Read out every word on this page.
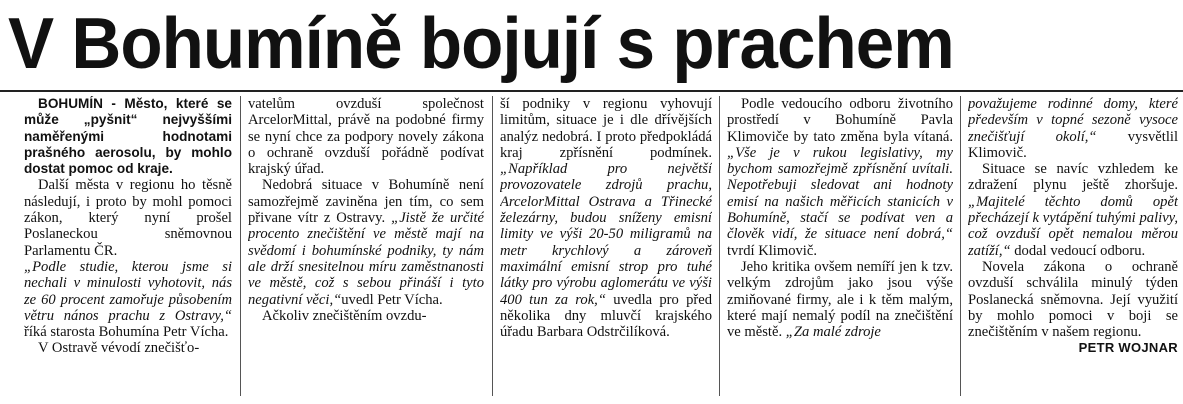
V Bohumíně bojují s prachem

BOHUMÍN - Město, které se může „pyšnit“ nejvyššími naměřenými hodnotami prašného aerosolu, by mohlo dostat pomoc od kraje.

Další města v regionu ho těsně následují, i proto by mohl pomoci zákon, který nyní prošel Poslaneckou sněmovnou Parlamentu ČR.

„Podle studie, kterou jsme si nechali v minulosti vyhotovit, nás ze 60 procent zamořuje působením větru nános prachu z Ostravy,“ říká starosta Bohumína Petr Vícha.

V Ostravě vévodí znečišťo-

vatelům ovzduší společnost ArcelorMittal, právě na podobné firmy se nyní chce za podpory novely zákona o ochraně ovzduší pořádně podívat krajský úřad.

Nedobrá situace v Bohumíně není samozřejmě zaviněna jen tím, co sem přivane vítr z Ostravy. „Jistě že určité procento znečištění ve městě mají na svědomí i bohumínské podniky, ty nám ale drží snesitelnou míru zaměstnanosti ve městě, což s sebou přináší i tyto negativní věci,“uvedl Petr Vícha.

Ačkoliv znečištěním ovzdu-

ší podniky v regionu vyhovují limitům, situace je i dle dřívějších analýz nedobrá. I proto předpokládá kraj zpřísnění podmínek. „Například pro největší provozovatele zdrojů prachu, ArcelorMittal Ostrava a Třinecké železárny, budou sníženy emisní limity ve výši 20-50 miligramů na metr krychlový a zároveň maximální emisní strop pro tuhé látky pro výrobu aglomerátu ve výši 400 tun za rok,“ uvedla pro před několika dny mluvčí krajského úřadu Barbara Odstrčilíková.

Podle vedoucího odboru životního prostředí v Bohumíně Pavla Klimoviče by tato změna byla vítaná. „Vše je v rukou legislativy, my bychom samozřejmě zpřísnění uvítali. Nepotřebuji sledovat ani hodnoty emisí na našich měřicích stanicích v Bohumíně, stačí se podívat ven a člověk vidí, že situace není dobrá,“ tvrdí Klimovič.

Jeho kritika ovšem nemíří jen k tzv. velkým zdrojům jako jsou výše zmiňované firmy, ale i k těm malým, které mají nemalý podíl na znečištění ve městě. „Za malé zdroje

považujeme rodinné domy, které především v topné sezoně vysoce znečišťují okolí,“ vysvětlil Klimovič.

Situace se navíc vzhledem ke zdražení plynu ještě zhoršuje. „Majitelé těchto domů opět přecházejí k vytápění tuhými palivy, což ovzduší opět nemalou měrou zatíží,“ dodal vedoucí odboru.

Novela zákona o ochraně ovzduší schválila minulý týden Poslanecká sněmovna. Její využití by mohlo pomoci v boji se znečištěním v našem regionu.

PETR WOJNAR
